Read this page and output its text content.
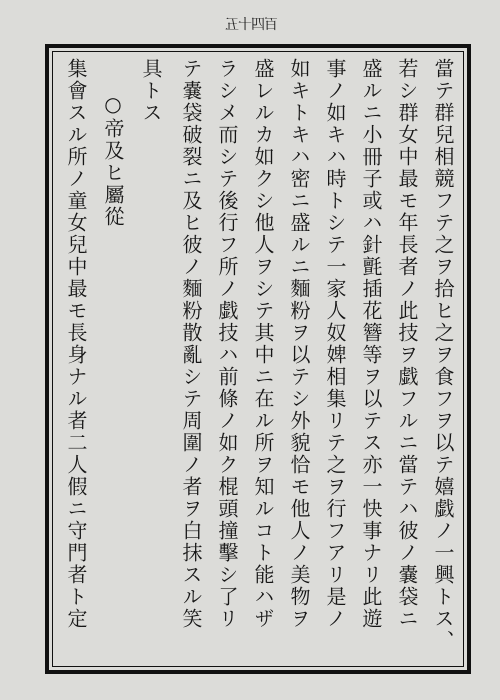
百四十五
當テ群兒相競フテ之ヲ拾ヒ之ヲ食フヲ以テ嬉戯ノ一興トス、
若シ群女中最モ年長者ノ此技ヲ戯フルニ當テハ彼ノ嚢袋ニ
盛ルニ小冊子或ハ針氈插花簪等ヲ以テス亦一快事ナリ此遊
事ノ如キハ時トシテ一家人奴婢相集リテ之ヲ行フアリ是ノ
如キトキハ密ニ盛ルニ麵粉ヲ以テシ外貌恰モ他人ノ美物ヲ
盛レルカ如クシ他人ヲシテ其中ニ在ル所ヲ知ルコト能ハザ
ラシメ而シテ後行フ所ノ戯技ハ前條ノ如ク棍頭撞擊シ了リ
テ嚢袋破裂ニ及ヒ彼ノ麵粉散亂シテ周圍ノ者ヲ白抹スル笑
具トス
○帝及ヒ屬從
集會スル所ノ童女兒中最モ長身ナル者二人假ニ守門者ト定
